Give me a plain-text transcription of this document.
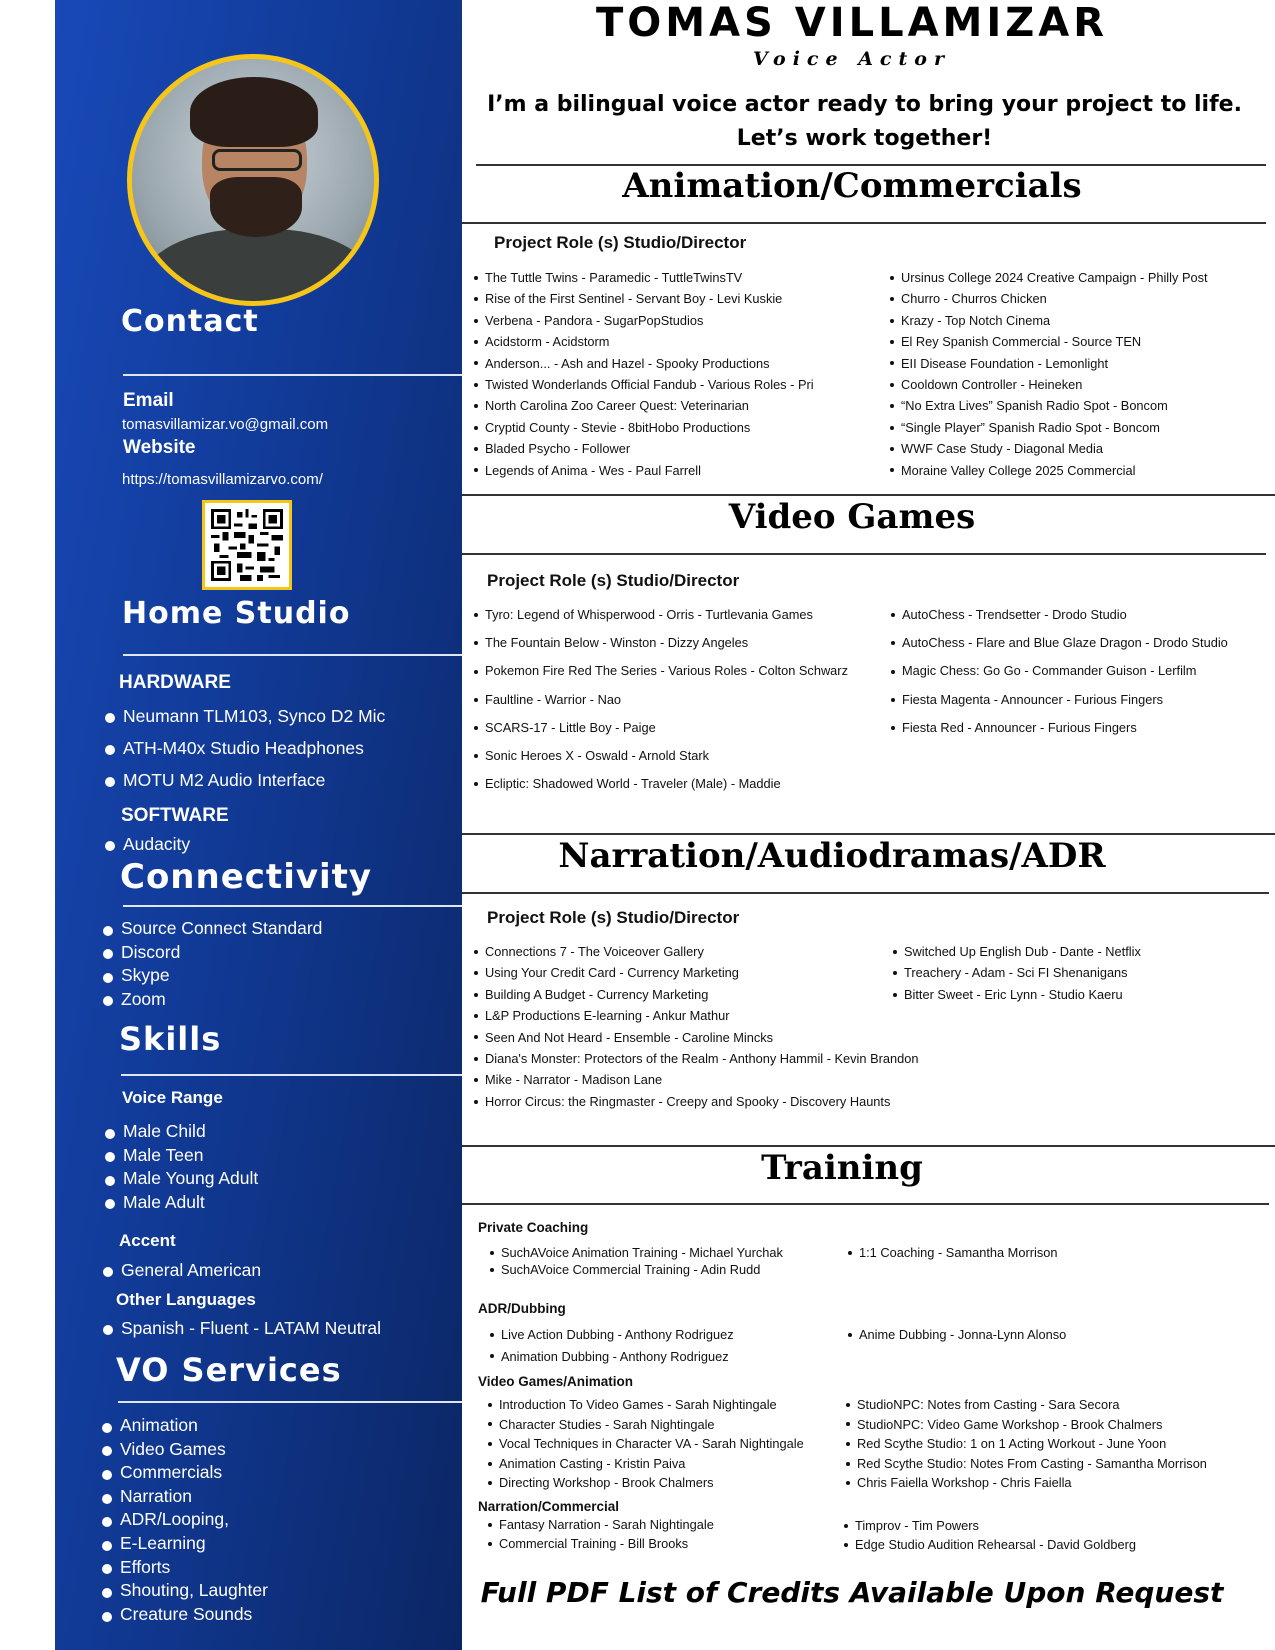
Contact
Email
tomasvillamizar.vo@gmail.com
Website
https://tomasvillamizarvo.com/
Home Studio
HARDWARE
Neumann TLM103, Synco D2 Mic
ATH-M40x Studio Headphones
MOTU M2 Audio Interface
SOFTWARE
Audacity
Connectivity
Source Connect Standard
Discord
Skype
Zoom
Skills
Voice Range
Male Child
Male Teen
Male Young Adult
Male Adult
Accent
General American
Other Languages
Spanish - Fluent - LATAM Neutral
VO Services
Animation
Video Games
Commercials
Narration
ADR/Looping,
E-Learning
Efforts
Shouting, Laughter
Creature Sounds
TOMAS VILLAMIZAR
Voice Actor
I’m a bilingual voice actor ready to bring your project to life.
Let’s work together!
Animation/Commercials
Project Role (s) Studio/Director
The Tuttle Twins - Paramedic - TuttleTwinsTV
Rise of the First Sentinel - Servant Boy - Levi Kuskie
Verbena - Pandora - SugarPopStudios
Acidstorm - Acidstorm
Anderson... - Ash and Hazel - Spooky Productions
Twisted Wonderlands Official Fandub - Various Roles - Pri
North Carolina Zoo Career Quest: Veterinarian
Cryptid County - Stevie - 8bitHobo Productions
Bladed Psycho - Follower
Legends of Anima - Wes - Paul Farrell
Ursinus College 2024 Creative Campaign - Philly Post
Churro - Churros Chicken
Krazy - Top Notch Cinema
El Rey Spanish Commercial - Source TEN
EII Disease Foundation - Lemonlight
Cooldown Controller - Heineken
“No Extra Lives” Spanish Radio Spot - Boncom
“Single Player” Spanish Radio Spot - Boncom
WWF Case Study - Diagonal Media
Moraine Valley College 2025 Commercial
Video Games
Project Role (s) Studio/Director
Tyro: Legend of Whisperwood - Orris - Turtlevania Games
The Fountain Below - Winston - Dizzy Angeles
Pokemon Fire Red The Series - Various Roles - Colton Schwarz
Faultline - Warrior - Nao
SCARS-17 - Little Boy - Paige
Sonic Heroes X - Oswald - Arnold Stark
Ecliptic: Shadowed World - Traveler (Male) - Maddie
AutoChess - Trendsetter - Drodo Studio
AutoChess - Flare and Blue Glaze Dragon - Drodo Studio
Magic Chess: Go Go - Commander Guison - Lerfilm
Fiesta Magenta - Announcer - Furious Fingers
Fiesta Red - Announcer - Furious Fingers
Narration/Audiodramas/ADR
Project Role (s) Studio/Director
Connections 7 - The Voiceover Gallery
Using Your Credit Card - Currency Marketing
Building A Budget - Currency Marketing
L&P Productions E-learning - Ankur Mathur
Seen And Not Heard - Ensemble - Caroline Mincks
Diana's Monster: Protectors of the Realm - Anthony Hammil - Kevin Brandon
Mike - Narrator - Madison Lane
Horror Circus: the Ringmaster - Creepy and Spooky - Discovery Haunts
Switched Up English Dub - Dante - Netflix
Treachery - Adam - Sci FI Shenanigans
Bitter Sweet - Eric Lynn - Studio Kaeru
Training
Private Coaching
SuchAVoice Animation Training - Michael Yurchak
SuchAVoice Commercial Training - Adin Rudd
1:1 Coaching - Samantha Morrison
ADR/Dubbing
Live Action Dubbing - Anthony Rodriguez
Animation Dubbing - Anthony Rodriguez
Anime Dubbing - Jonna-Lynn Alonso
Video Games/Animation
Introduction To Video Games - Sarah Nightingale
Character Studies - Sarah Nightingale
Vocal Techniques in Character VA - Sarah Nightingale
Animation Casting - Kristin Paiva
Directing Workshop - Brook Chalmers
StudioNPC: Notes from Casting - Sara Secora
StudioNPC: Video Game Workshop - Brook Chalmers
Red Scythe Studio: 1 on 1 Acting Workout - June Yoon
Red Scythe Studio: Notes From Casting - Samantha Morrison
Chris Faiella Workshop - Chris Faiella
Narration/Commercial
Fantasy Narration - Sarah Nightingale
Commercial Training - Bill Brooks
Timprov - Tim Powers
Edge Studio Audition Rehearsal - David Goldberg
Full PDF List of Credits Available Upon Request
